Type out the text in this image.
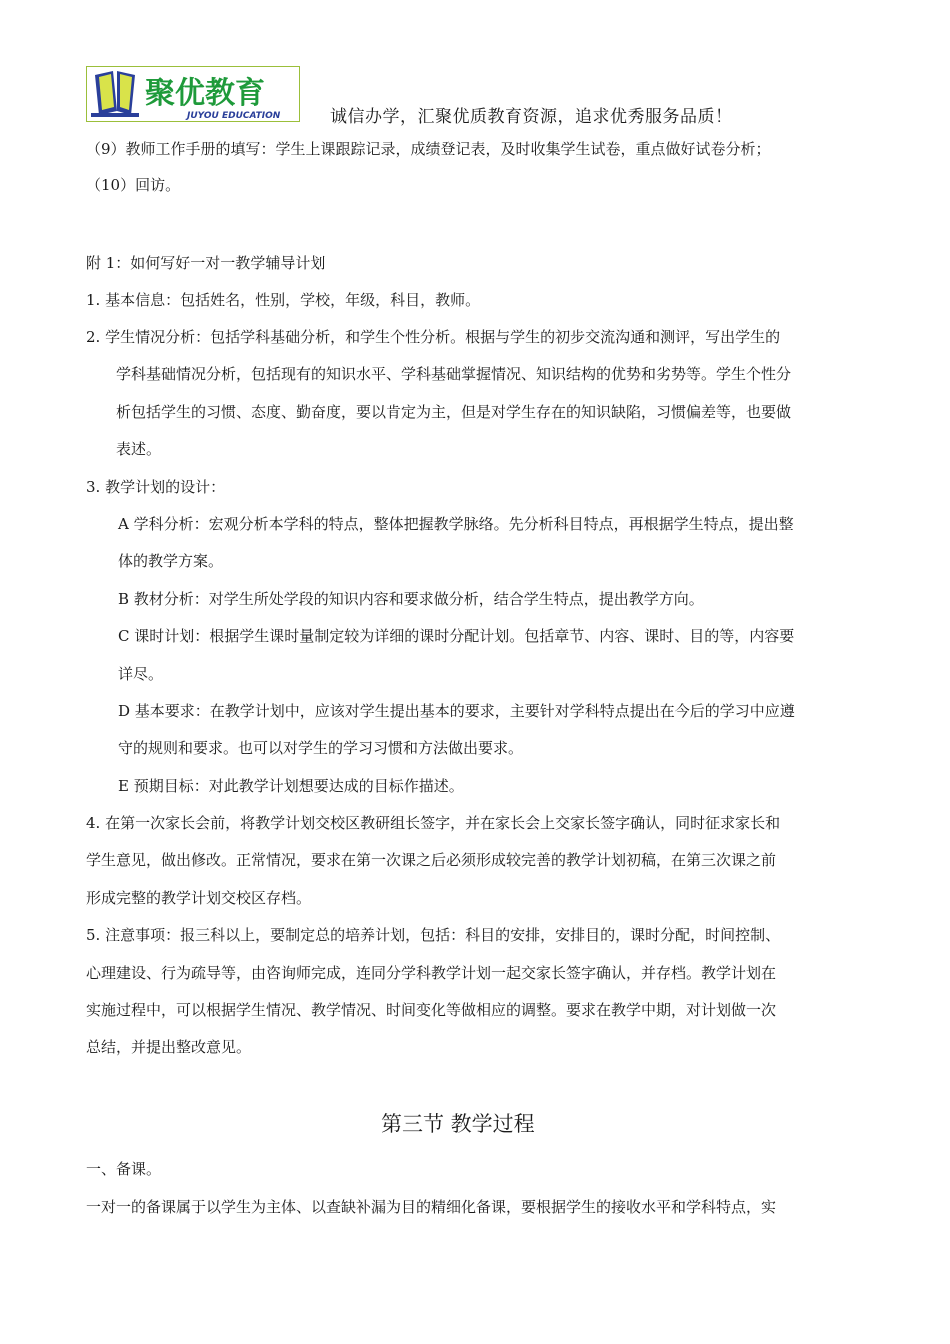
聚优教育
JUYOU EDUCATION	诚信办学，汇聚优质教育资源，追求优秀服务品质！
（9）教师工作手册的填写：学生上课跟踪记录，成绩登记表，及时收集学生试卷，重点做好试卷分析；
（10）回访。
附 1：如何写好一对一教学辅导计划
1. 基本信息：包括姓名，性别，学校，年级，科目，教师。
2. 学生情况分析：包括学科基础分析，和学生个性分析。根据与学生的初步交流沟通和测评，写出学生的
学科基础情况分析，包括现有的知识水平、学科基础掌握情况、知识结构的优势和劣势等。学生个性分
析包括学生的习惯、态度、勤奋度，要以肯定为主，但是对学生存在的知识缺陷，习惯偏差等，也要做
表述。
3. 教学计划的设计：
A 学科分析：宏观分析本学科的特点，整体把握教学脉络。先分析科目特点，再根据学生特点，提出整
体的教学方案。
B 教材分析：对学生所处学段的知识内容和要求做分析，结合学生特点，提出教学方向。
C 课时计划：根据学生课时量制定较为详细的课时分配计划。包括章节、内容、课时、目的等，内容要
详尽。
D 基本要求：在教学计划中，应该对学生提出基本的要求，主要针对学科特点提出在今后的学习中应遵
守的规则和要求。也可以对学生的学习习惯和方法做出要求。
E 预期目标：对此教学计划想要达成的目标作描述。
4. 在第一次家长会前，将教学计划交校区教研组长签字，并在家长会上交家长签字确认，同时征求家长和
学生意见，做出修改。正常情况，要求在第一次课之后必须形成较完善的教学计划初稿，在第三次课之前
形成完整的教学计划交校区存档。
5. 注意事项：报三科以上，要制定总的培养计划，包括：科目的安排，安排目的，课时分配，时间控制、
心理建设、行为疏导等，由咨询师完成，连同分学科教学计划一起交家长签字确认，并存档。教学计划在
实施过程中，可以根据学生情况、教学情况、时间变化等做相应的调整。要求在教学中期，对计划做一次
总结，并提出整改意见。
第三节 教学过程
一、备课。
一对一的备课属于以学生为主体、以查缺补漏为目的精细化备课，要根据学生的接收水平和学科特点，实
